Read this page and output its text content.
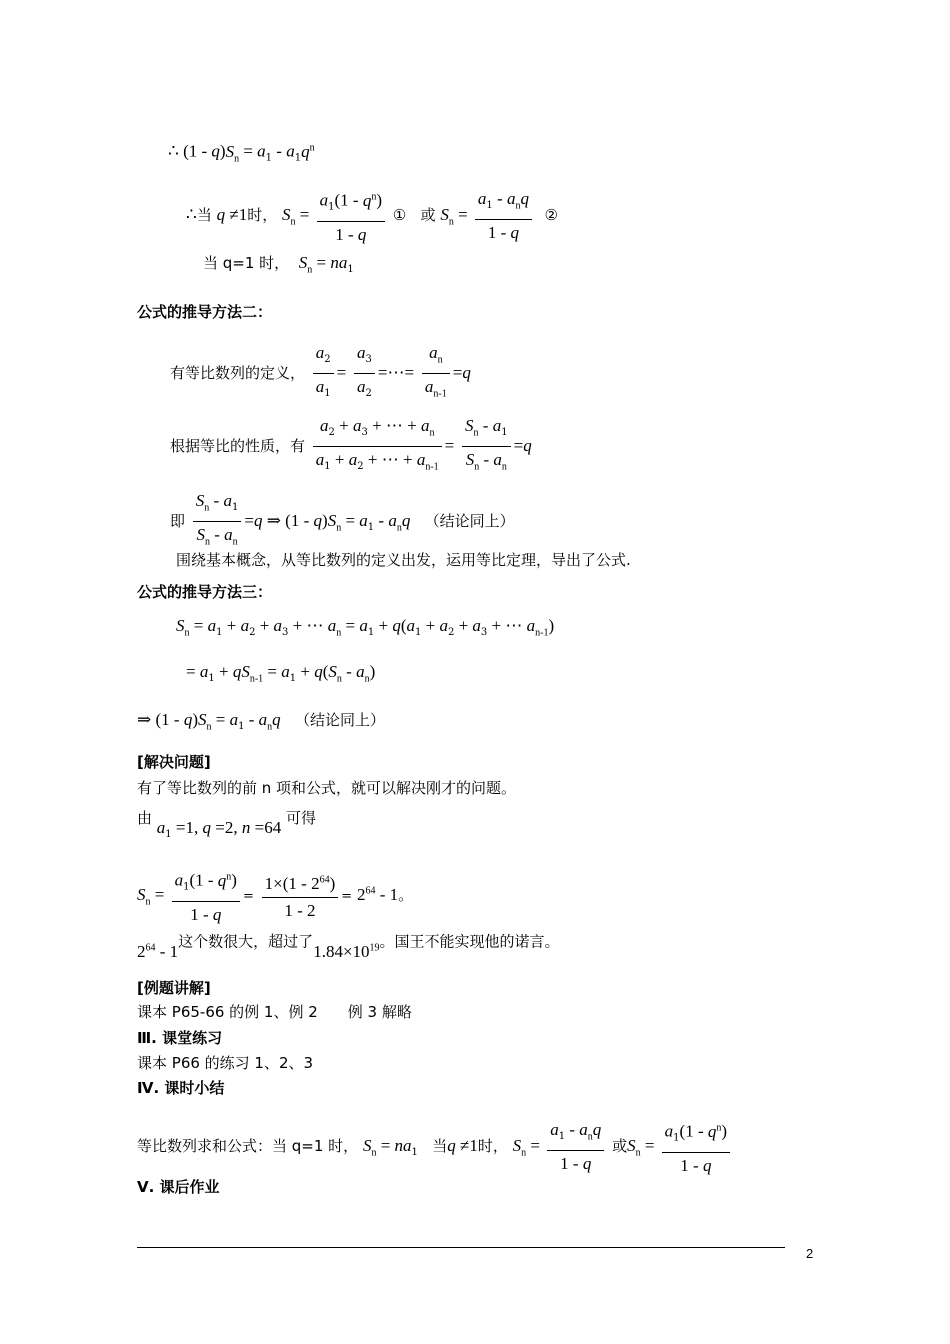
∴ $(1 - q)S_n = a_1 - a_1q^n$
∴当 q ≠1时， $S_n = \frac{a_1(1 - q^n)}{1 - q}$ ① 或 $S_n = \frac{a_1 - a_nq}{1 - q}$ ②
当 q=1 时， $S_n = na_1$
公式的推导方法二：
有等比数列的定义， $\frac{a_2}{a_1} = \frac{a_3}{a_2}$ =⋯= $\frac{a_n}{a_{n-1}} =q$
根据等比的性质，有 $\frac{a_2 + a_3 + \cdots + a_n}{a_1 + a_2 + \cdots + a_{n-1}} = \frac{S_n - a_1}{S_n - a_n} =q$
即 $\frac{S_n - a_1}{S_n - a_n} =q$ ⇒ $(1 - q)S_n = a_1 - a_nq$ （结论同上）
围绕基本概念，从等比数列的定义出发，运用等比定理，导出了公式.
公式的推导方法三：
$S_n = a_1 + a_2 + a_3$ + ⋯ $a_n = a_1 + q(a_1 + a_2 + a_3$ + ⋯ $a_{n-1}$)
= $a_1 + qS_{n-1} = a_1 + q(S_n - a_n)$
⇒ $(1 - q)S_n = a_1 - a_nq$ （结论同上）
[解决问题]
有了等比数列的前 n 项和公式，就可以解决刚才的问题。
由 $a_1 =1$, q =2, n =64 可得
$S_n = \frac{a_1(1 - q^n)}{1 - q} = \frac{1\times(1 - 2^{64})}{1 - 2} = 2^{64} - 1$。
$2^{64} - 1$这个数很大，超过了$1.84\times 10^{19}$。国王不能实现他的诺言。
[例题讲解]
课本 P65-66 的例 1、例 2　　例 3 解略
Ⅲ. 课堂练习
课本 P66 的练习 1、2、3
Ⅳ. 课时小结
等比数列求和公式：当 q=1 时， $S_n = na_1$ 当q ≠1时， $S_n = \frac{a_1 - a_nq}{1 - q}$ 或$S_n = \frac{a_1(1 - q^n)}{1 - q}$
Ⅴ. 课后作业
2
